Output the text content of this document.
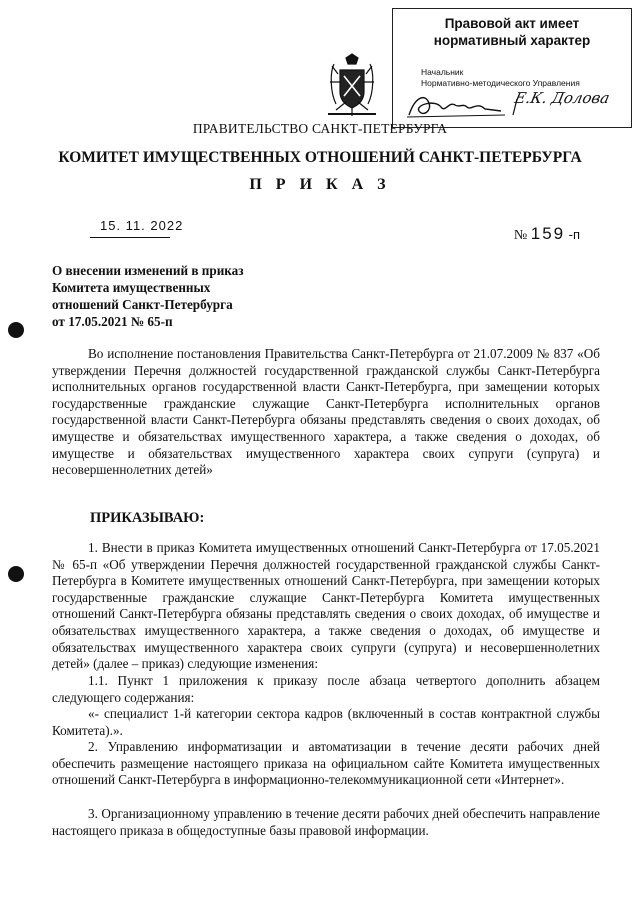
Правовой акт имеет
нормативный характер
Начальник
Нормативно-методического Управления
Е.К. Долова
ПРАВИТЕЛЬСТВО САНКТ-ПЕТЕРБУРГА
КОМИТЕТ ИМУЩЕСТВЕННЫХ ОТНОШЕНИЙ САНКТ-ПЕТЕРБУРГА
П Р И К А З
15. 11. 2022
№ 159 -п
О внесении изменений в приказ
Комитета имущественных
отношений Санкт-Петербурга
от 17.05.2021 № 65-п
Во исполнение постановления Правительства Санкт-Петербурга от 21.07.2009 № 837 «Об утверждении Перечня должностей государственной гражданской службы Санкт-Петербурга исполнительных органов государственной власти Санкт-Петербурга, при замещении которых государственные гражданские служащие Санкт-Петербурга исполнительных органов государственной власти Санкт-Петербурга обязаны представлять сведения о своих доходах, об имуществе и обязательствах имущественного характера, а также сведения о доходах, об имуществе и обязательствах имущественного характера своих супруги (супруга) и несовершеннолетних детей»
ПРИКАЗЫВАЮ:
1. Внести в приказ Комитета имущественных отношений Санкт-Петербурга от 17.05.2021 № 65-п «Об утверждении Перечня должностей государственной гражданской службы Санкт-Петербурга в Комитете имущественных отношений Санкт-Петербурга, при замещении которых государственные гражданские служащие Санкт-Петербурга Комитета имущественных отношений Санкт-Петербурга обязаны представлять сведения о своих доходах, об имуществе и обязательствах имущественного характера, а также сведения о доходах, об имуществе и обязательствах имущественного характера своих супруги (супруга) и несовершеннолетних детей» (далее – приказ) следующие изменения:
1.1. Пункт 1 приложения к приказу после абзаца четвертого дополнить абзацем следующего содержания:
«- специалист 1-й категории сектора кадров (включенный в состав контрактной службы Комитета).».
2. Управлению информатизации и автоматизации в течение десяти рабочих дней обеспечить размещение настоящего приказа на официальном сайте Комитета имущественных отношений Санкт-Петербурга в информационно-телекоммуникационной сети «Интернет».
3. Организационному управлению в течение десяти рабочих дней обеспечить направление настоящего приказа в общедоступные базы правовой информации.
